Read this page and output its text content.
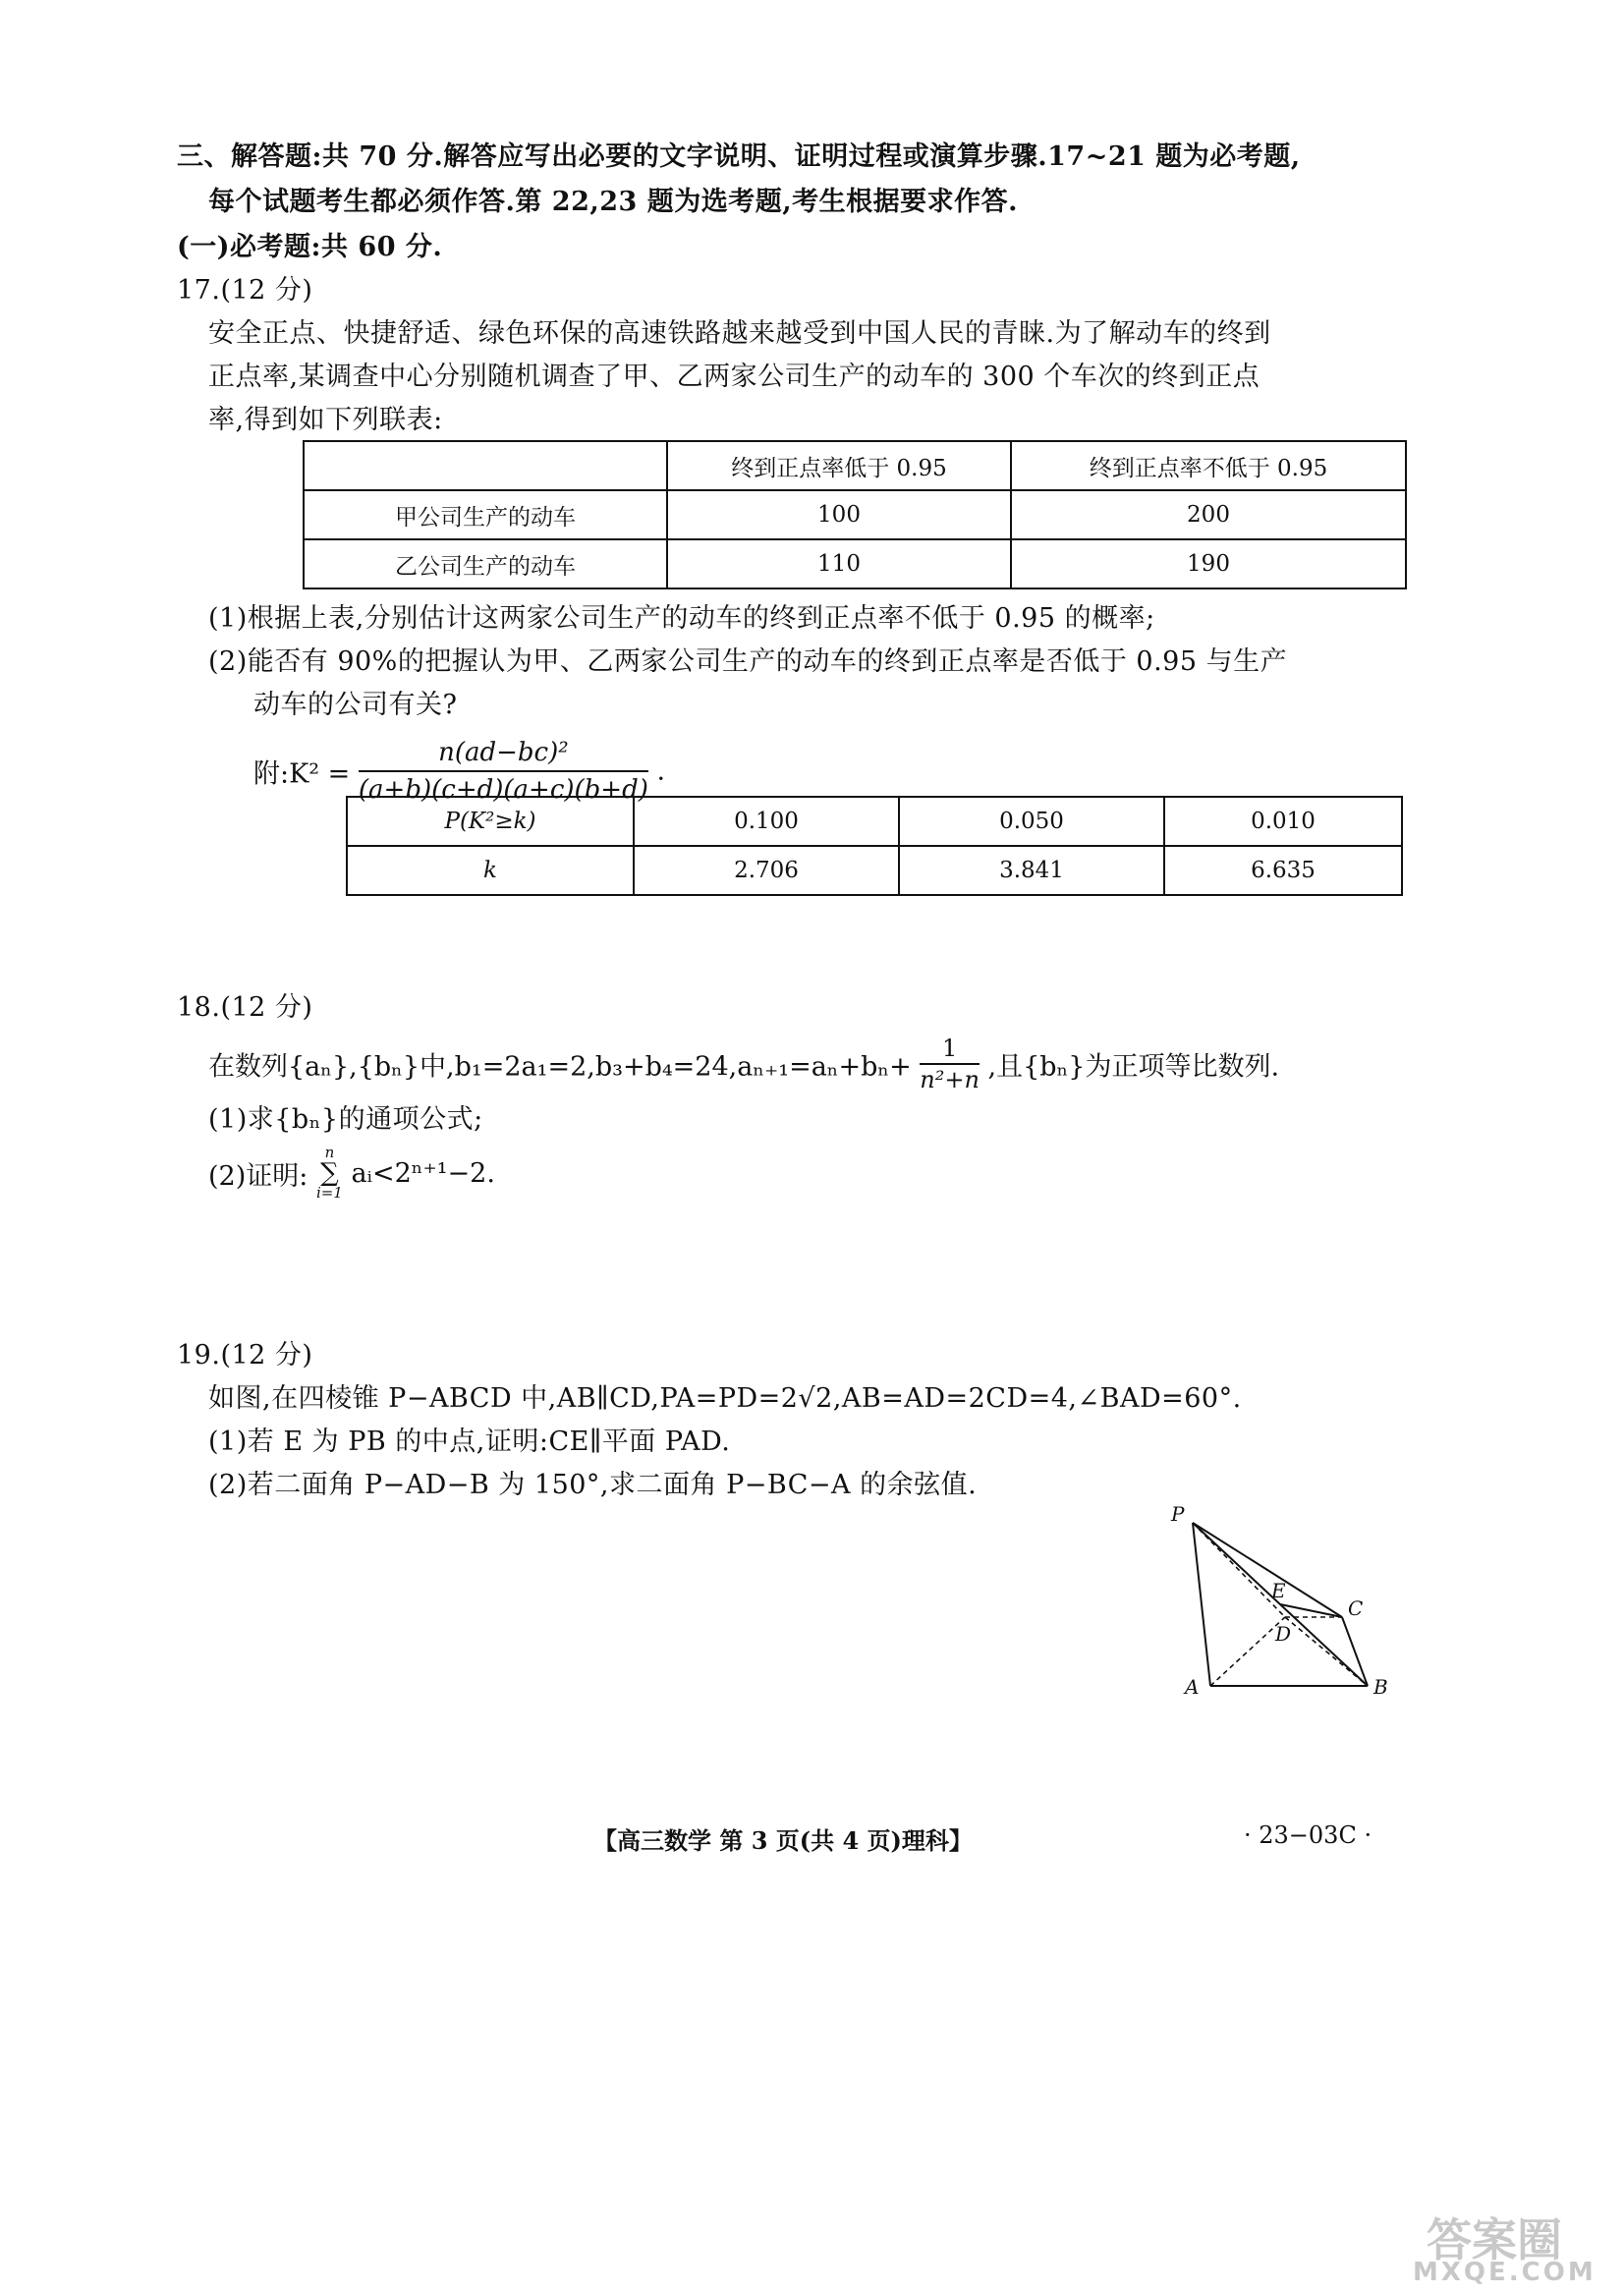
三、解答题:共 70 分.解答应写出必要的文字说明、证明过程或演算步骤.17~21 题为必考题,
每个试题考生都必须作答.第 22,23 题为选考题,考生根据要求作答.
(一)必考题:共 60 分.
17.(12 分)
安全正点、快捷舒适、绿色环保的高速铁路越来越受到中国人民的青睐.为了解动车的终到
正点率,某调查中心分别随机调查了甲、乙两家公司生产的动车的 300 个车次的终到正点
率,得到如下列联表:
	终到正点率低于 0.95	终到正点率不低于 0.95
甲公司生产的动车	100	200
乙公司生产的动车	110	190
(1)根据上表,分别估计这两家公司生产的动车的终到正点率不低于 0.95 的概率;
(2)能否有 90%的把握认为甲、乙两家公司生产的动车的终到正点率是否低于 0.95 与生产
动车的公司有关?
附:K² = $\frac{\text{n(ad−bc)²}}{(a+b)(c+d)(a+c)(b+d)}$ .
P(K²≥k)	0.100	0.050	0.010
k	2.706	3.841	6.635
18.(12 分)
在数列{aₙ},{bₙ}中$,b_1=2a_1=2,b_3+b_4=24,a_{n+1}=a_n+b_n+ \frac{1}{\text{n²+n}}$ ,且{bₙ}为正项等比数列.
(1)求{bₙ}的通项公式;
(2)证明:
n
∑
i=1
aᵢ<2ⁿ⁺¹−2.
19.(12 分)
如图,在四棱锥 P−ABCD 中,AB∥CD,PA=PD=2√2,AB=AD=2CD=4,∠BAD=60°.
(1)若 E 为 PB 的中点,证明:CE∥平面 PAD.
(2)若二面角 P−AD−B 为 150°,求二面角 P−BC−A 的余弦值.
P
E
C
D
A	B
【高三数学 第 3 页(共 4 页)理科】	· 23−03C ·
答案圈
MXQE.COM
